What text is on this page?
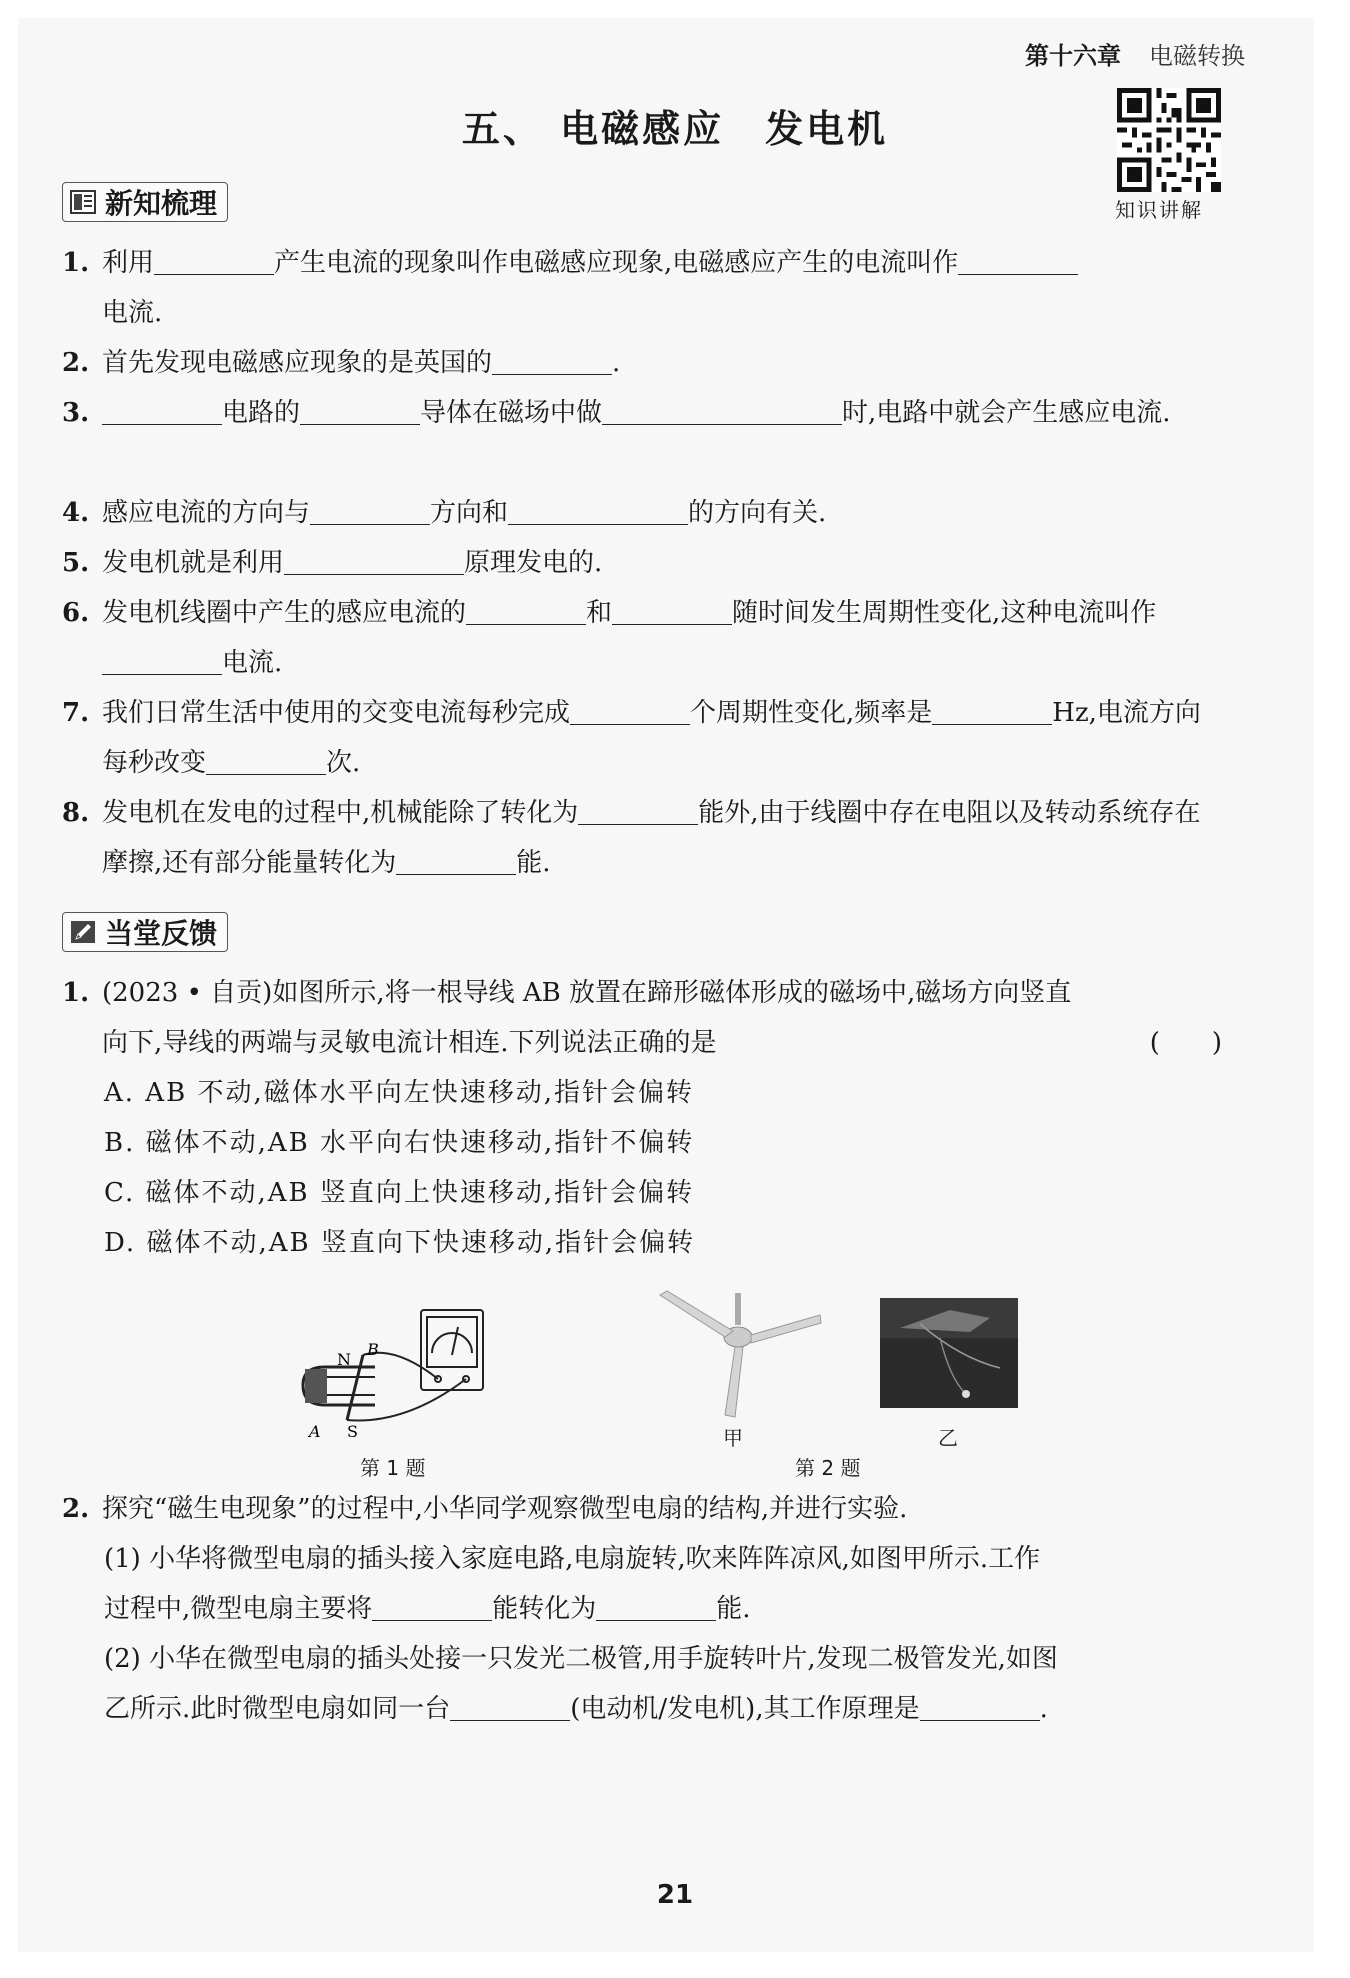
第十六章 电磁转换
五、 电磁感应　发电机
知识讲解
新知梳理
1. 利用	产生电流的现象叫作电磁感应现象,电磁感应产生的电流叫作
电流.
2. 首先发现电磁感应现象的是英国的	.
3.	电路的	导体在磁场中做	时,电路中就会产生感应电流.
4. 感应电流的方向与	方向和	的方向有关.
5. 发电机就是利用	原理发电的.
6. 发电机线圈中产生的感应电流的	和	随时间发生周期性变化,这种电流叫作电流.
7. 我们日常生活中使用的交变电流每秒完成	个周期性变化,频率是	Hz,电流方向每秒改变	次.
8. 发电机在发电的过程中,机械能除了转化为	能外,由于线圈中存在电阻以及转动系统存在摩擦,还有部分能量转化为	能.
当堂反馈
1. (2023 • 自贡)如图所示,将一根导线 AB 放置在蹄形磁体形成的磁场中,磁场方向竖直
向下,导线的两端与灵敏电流计相连.下列说法正确的是	(　　)
A. AB 不动,磁体水平向左快速移动,指针会偏转
B. 磁体不动,AB 水平向右快速移动,指针不偏转
C. 磁体不动,AB 竖直向上快速移动,指针会偏转
D. 磁体不动,AB 竖直向下快速移动,指针会偏转
N
B
A S
第 1 题
甲	乙
第 2 题
2. 探究“磁生电现象”的过程中,小华同学观察微型电扇的结构,并进行实验.
(1) 小华将微型电扇的插头接入家庭电路,电扇旋转,吹来阵阵凉风,如图甲所示.工作
过程中,微型电扇主要将	能转化为	能.
(2) 小华在微型电扇的插头处接一只发光二极管,用手旋转叶片,发现二极管发光,如图
乙所示.此时微型电扇如同一台	(电动机/发电机),其工作原理是	.
21
